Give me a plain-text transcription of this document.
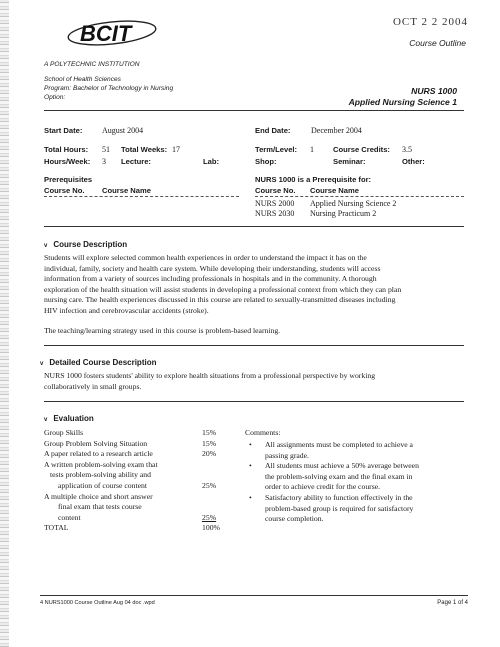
OCT 2 2 2004
Course Outline
BCIT
A POLYTECHNIC INSTITUTION
School of Health Sciences
Program: Bachelor of Technology in Nursing
Option:
NURS 1000
Applied Nursing Science 1
Start Date: August 2004	End Date:	December 2004
Total Hours: 51 Total Weeks: 17	Term/Level: 1	Course Credits: 3.5
Hours/Week: 3 Lecture:	Lab:	Shop:	Seminar:	Other:
Prerequisites	NURS 1000 is a Prerequisite for:
Course No. Course Name	Course No. Course Name
NURS 2000 Applied Nursing Science 2
NURS 2030 Nursing Practicum 2
v Course Description
Students will explore selected common health experiences in order to understand the impact it has on the
individual, family, society and health care system. While developing their understanding, students will access
information from a variety of sources including professionals in hospitals and in the community. A thorough
exploration of the health situation will assist students in developing a professional context from which they can plan
nursing care. The health experiences discussed in this course are related to sexually-transmitted diseases including
HIV infection and cerebrovascular accidents (stroke).
The teaching/learning strategy used in this course is problem-based learning.
v Detailed Course Description
NURS 1000 fosters students' ability to explore health situations from a professional perspective by working
collaboratively in small groups.
v Evaluation
Group Skills	15%
Group Problem Solving Situation	15%
A paper related to a research article	20%
A written problem-solving exam that
tests problem-solving ability and
application of course content	25%
A multiple choice and short answer
final exam that tests course
content	25%
TOTAL	100%
Comments:
• All assignments must be completed to achieve a
passing grade.
• All students must achieve a 50% average between
the problem-solving exam and the final exam in
order to achieve credit for the course.
• Satisfactory ability to function effectively in the
problem-based group is required for satisfactory
course completion.
4 NURS1000 Course Outline Aug 04 doc .wpd	Page 1 of 4
